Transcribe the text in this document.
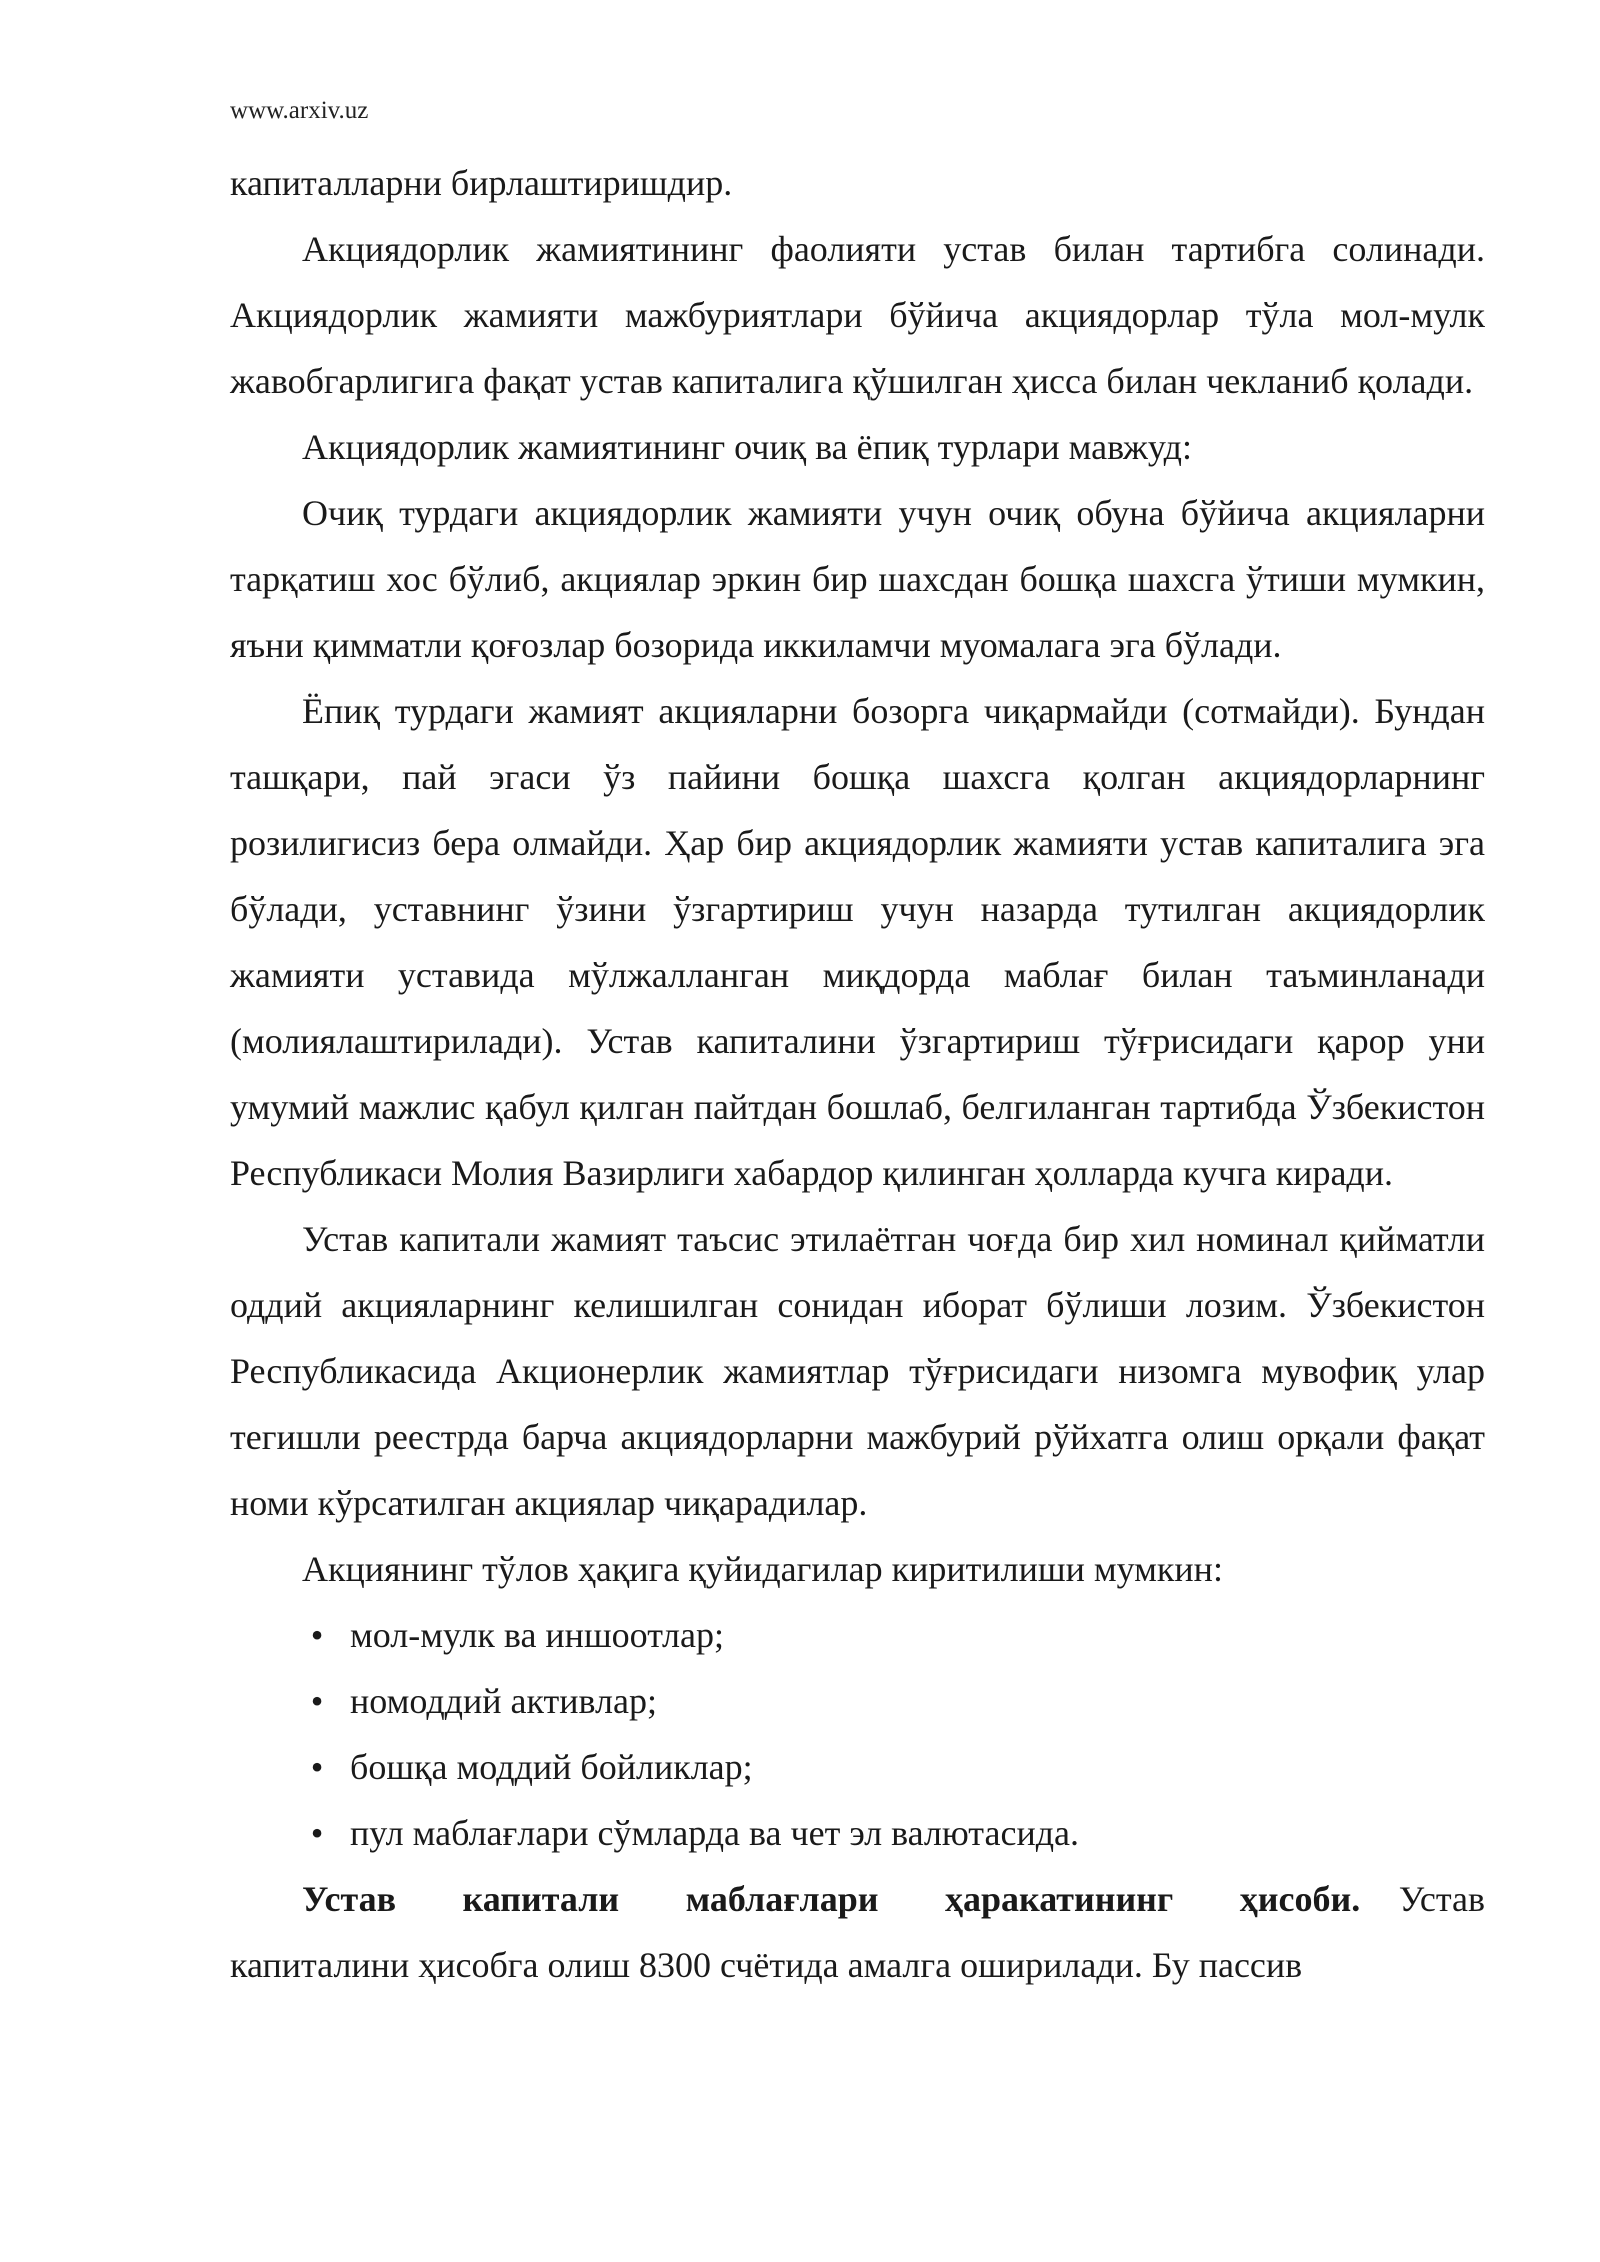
www.arxiv.uz

капиталларни бирлаштиришдир.

Акциядорлик жамиятининг фаолияти устав билан тартибга солинади. Акциядорлик жамияти мажбуриятлари бўйича акциядорлар тўла мол-мулк жавобгарлигига фақат устав капиталига қўшилган ҳисса билан чекланиб қолади.

Акциядорлик жамиятининг очиқ ва ёпиқ турлари мавжуд:

Очиқ турдаги акциядорлик жамияти учун очиқ обуна бўйича акцияларни тарқатиш хос бўлиб, акциялар эркин бир шахсдан бошқа шахсга ўтиши мумкин, яъни қимматли қоғозлар бозорида иккиламчи муомалага эга бўлади.

Ёпиқ турдаги жамият акцияларни бозорга чиқармайди (сотмайди). Бундан ташқари, пай эгаси ўз пайини бошқа шахсга қолган акциядорларнинг розилигисиз бера олмайди. Ҳар бир акциядорлик жамияти устав капиталига эга бўлади, уставнинг ўзини ўзгартириш учун назарда тутилган акциядорлик жамияти уставида мўлжалланган миқдорда маблағ билан таъминланади (молиялаштирилади). Устав капиталини ўзгартириш тўғрисидаги қарор уни умумий мажлис қабул қилган пайтдан бошлаб, белгиланган тартибда Ўзбекистон Республикаси Молия Вазирлиги хабардор қилинган ҳолларда кучга киради.

Устав капитали жамият таъсис этилаётган чоғда бир хил номинал қийматли оддий акцияларнинг келишилган сонидан иборат бўлиши лозим. Ўзбекистон Республикасида Акционерлик жамиятлар тўғрисидаги низомга мувофиқ улар тегишли реестрда барча акциядорларни мажбурий рўйхатга олиш орқали фақат номи кўрсатилган акциялар чиқарадилар.

Акциянинг тўлов ҳақига қуйидагилар киритилиши мумкин:

• мол-мулк ва иншоотлар;
• номоддий активлар;
• бошқа моддий бойликлар;
• пул маблағлари сўмларда ва чет эл валютасида.

Устав капитали маблағлари ҳаракатининг ҳисоби. Устав капиталини ҳисобга олиш 8300 счётида амалга оширилади. Бу пассив
